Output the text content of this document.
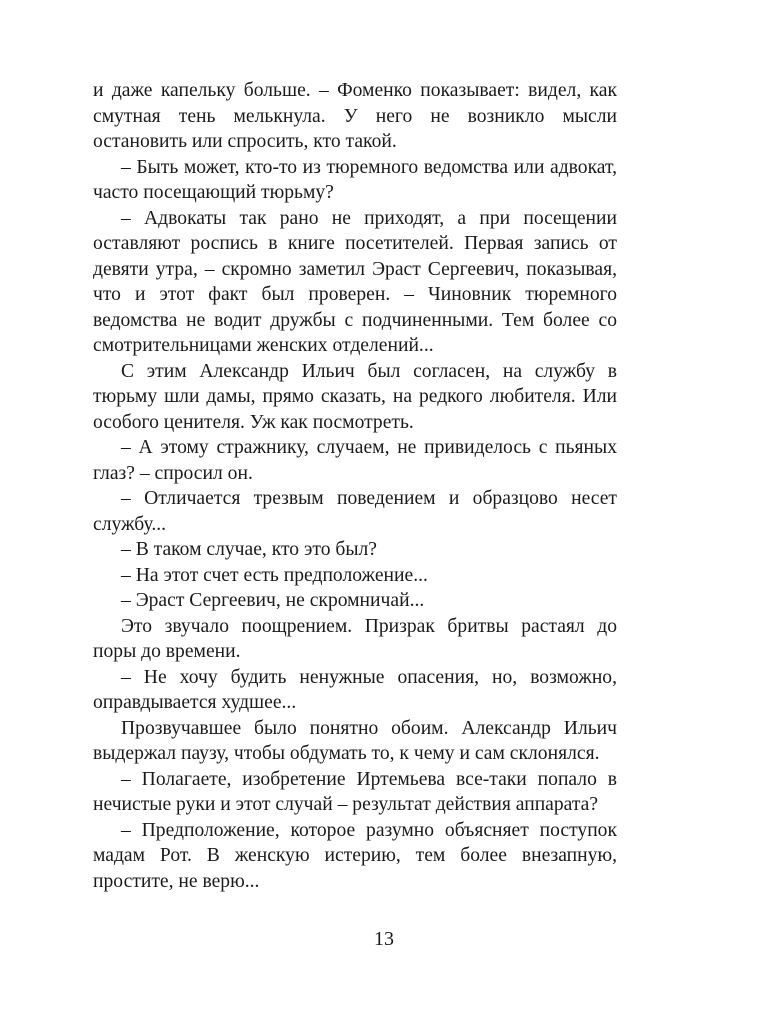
и даже капельку больше. – Фоменко показывает: видел, как смутная тень мелькнула. У него не возникло мысли остановить или спросить, кто такой.

– Быть может, кто-то из тюремного ведомства или адвокат, часто посещающий тюрьму?

– Адвокаты так рано не приходят, а при посещении оставляют роспись в книге посетителей. Первая запись от девяти утра, – скромно заметил Эраст Сергеевич, показывая, что и этот факт был проверен. – Чиновник тюремного ведомства не водит дружбы с подчиненными. Тем более со смотрительницами женских отделений...

С этим Александр Ильич был согласен, на службу в тюрьму шли дамы, прямо сказать, на редкого любителя. Или особого ценителя. Уж как посмотреть.

– А этому стражнику, случаем, не привиделось с пьяных глаз? – спросил он.

– Отличается трезвым поведением и образцово несет службу...

– В таком случае, кто это был?

– На этот счет есть предположение...

– Эраст Сергеевич, не скромничай...

Это звучало поощрением. Призрак бритвы растаял до поры до времени.

– Не хочу будить ненужные опасения, но, возможно, оправдывается худшее...

Прозвучавшее было понятно обоим. Александр Ильич выдержал паузу, чтобы обдумать то, к чему и сам склонялся.

– Полагаете, изобретение Иртемьева все-таки попало в нечистые руки и этот случай – результат действия аппарата?

– Предположение, которое разумно объясняет поступок мадам Рот. В женскую истерию, тем более внезапную, простите, не верю...

13
